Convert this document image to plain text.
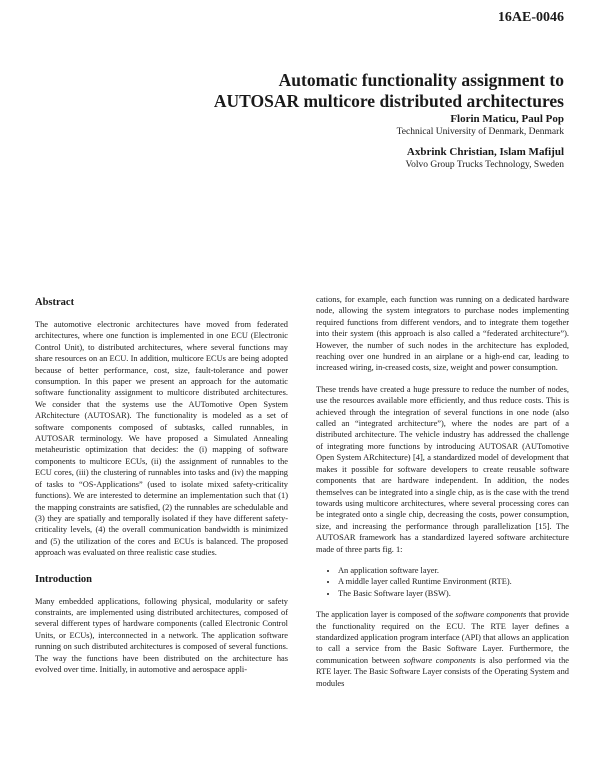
16AE-0046
Automatic functionality assignment to
AUTOSAR multicore distributed architectures
Florin Maticu, Paul Pop
Technical University of Denmark, Denmark
Axbrink Christian, Islam Mafijul
Volvo Group Trucks Technology, Sweden
Abstract

The automotive electronic architectures have moved from federated architectures, where one function is implemented in one ECU (Electronic Control Unit), to distributed architectures, where several functions may share resources on an ECU. In addition, multicore ECUs are being adopted because of better performance, cost, size, fault-tolerance and power consumption. In this paper we present an approach for the automatic software functionality assignment to multicore distributed architectures. We consider that the systems use the AUTomotive Open System ARchitecture (AUTOSAR). The functionality is modeled as a set of software components composed of subtasks, called runnables, in AUTOSAR terminology. We have proposed a Simulated Annealing metaheuristic optimization that decides: the (i) mapping of software components to multicore ECUs, (ii) the assignment of runnables to the ECU cores, (iii) the clustering of runnables into tasks and (iv) the mapping of tasks to “OS-Applications” (used to isolate mixed safety-criticality functions). We are interested to determine an implementation such that (1) the mapping constraints are satisfied, (2) the runnables are schedulable and (3) they are spatially and temporally isolated if they have different safety-criticality levels, (4) the overall communication bandwidth is minimized and (5) the utilization of the cores and ECUs is balanced. The proposed approach was evaluated on three realistic case studies.

Introduction

Many embedded applications, following physical, modularity or safety constraints, are implemented using distributed architectures, composed of several different types of hardware components (called Electronic Control Units, or ECUs), interconnected in a network. The application software running on such distributed architectures is composed of several functions. The way the functions have been distributed on the architecture has evolved over time. Initially, in automotive and aerospace appli-

cations, for example, each function was running on a dedicated hardware node, allowing the system integrators to purchase nodes implementing required functions from different vendors, and to integrate them together into their system (this approach is also called a “federated architecture”). However, the number of such nodes in the architecture has exploded, reaching over one hundred in an airplane or a high-end car, leading to increased wiring, in-creased costs, size, weight and power consumption.

These trends have created a huge pressure to reduce the number of nodes, use the resources available more efficiently, and thus reduce costs. This is achieved through the integration of several functions in one node (also called an “integrated architecture”), where the nodes are part of a distributed architecture. The vehicle industry has addressed the challenge of integrating more functions by introducing AUTOSAR (AUTomotive Open System ARchitecture) [4], a standardized model of development that makes it possible for software developers to create reusable software components that are hardware independent. In addition, the nodes themselves can be integrated into a single chip, as is the case with the trend towards using multicore architectures, where several processing cores can be integrated onto a single chip, decreasing the costs, power consumption, size, and increasing the performance through parallelization [15]. The AUTOSAR framework has a standardized layered software architecture made of three parts fig. 1:

• An application software layer.
• A middle layer called Runtime Environment (RTE).
• The Basic Software layer (BSW).

The application layer is composed of the software components that provide the functionality required on the ECU. The RTE layer defines a standardized application program interface (API) that allows an application to call a service from the Basic Software Layer. Furthermore, the communication between software components is also performed via the RTE layer. The Basic Software Layer consists of the Operating System and modules
